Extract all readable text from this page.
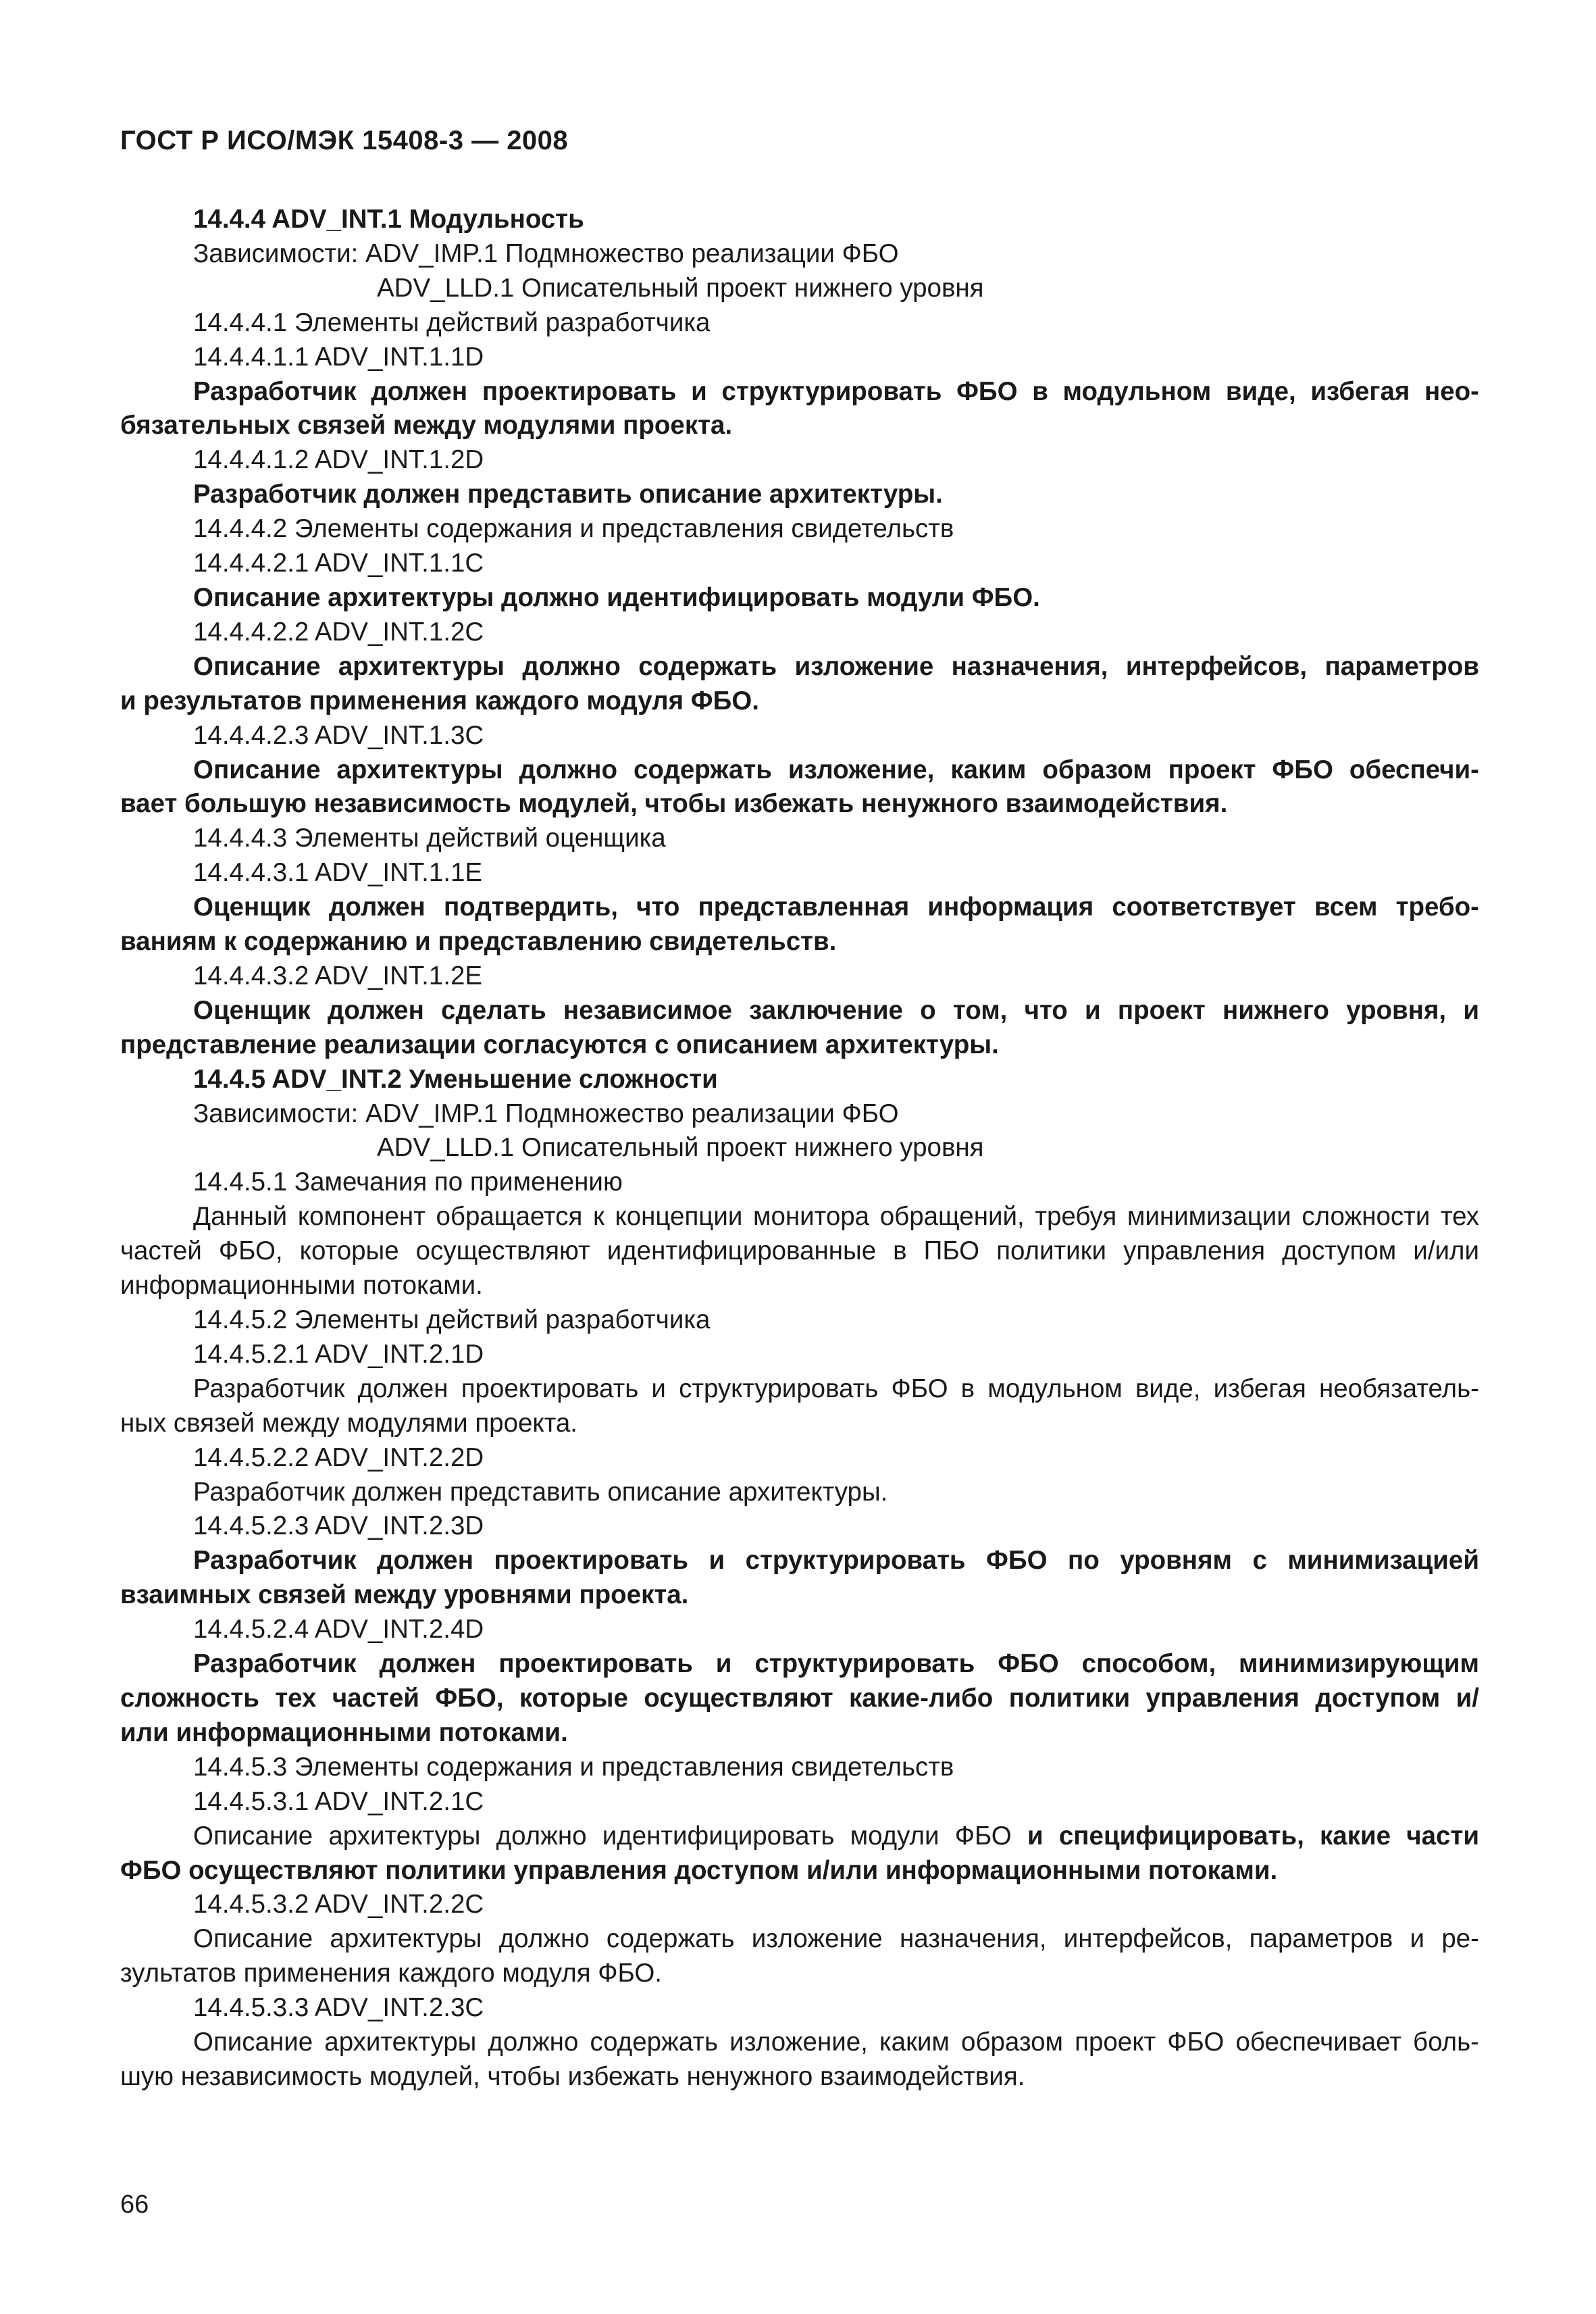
ГОСТ Р ИСО/МЭК 15408-3 — 2008

14.4.4 ADV_INT.1 Модульность

Зависимости: ADV_IMP.1 Подмножество реализации ФБО

ADV_LLD.1 Описательный проект нижнего уровня

14.4.4.1 Элементы действий разработчика

14.4.4.1.1 ADV_INT.1.1D

Разработчик должен проектировать и структурировать ФБО в модульном виде, избегая нео-

бязательных связей между модулями проекта.

14.4.4.1.2 ADV_INT.1.2D

Разработчик должен представить описание архитектуры.

14.4.4.2 Элементы содержания и представления свидетельств

14.4.4.2.1 ADV_INT.1.1C

Описание архитектуры должно идентифицировать модули ФБО.

14.4.4.2.2 ADV_INT.1.2C

Описание архитектуры должно содержать изложение назначения, интерфейсов, параметров

и результатов применения каждого модуля ФБО.

14.4.4.2.3 ADV_INT.1.3C

Описание архитектуры должно содержать изложение, каким образом проект ФБО обеспечи-

вает большую независимость модулей, чтобы избежать ненужного взаимодействия.

14.4.4.3 Элементы действий оценщика

14.4.4.3.1 ADV_INT.1.1E

Оценщик должен подтвердить, что представленная информация соответствует всем требо-

ваниям к содержанию и представлению свидетельств.

14.4.4.3.2 ADV_INT.1.2E

Оценщик должен сделать независимое заключение о том, что и проект нижнего уровня, и

представление реализации согласуются с описанием архитектуры.

14.4.5 ADV_INT.2 Уменьшение сложности

Зависимости: ADV_IMP.1 Подмножество реализации ФБО

ADV_LLD.1 Описательный проект нижнего уровня

14.4.5.1 Замечания по применению

Данный компонент обращается к концепции монитора обращений, требуя минимизации сложности тех

частей ФБО, которые осуществляют идентифицированные в ПБО политики управления доступом и/или

информационными потоками.

14.4.5.2 Элементы действий разработчика

14.4.5.2.1 ADV_INT.2.1D

Разработчик должен проектировать и структурировать ФБО в модульном виде, избегая необязатель-

ных связей между модулями проекта.

14.4.5.2.2 ADV_INT.2.2D

Разработчик должен представить описание архитектуры.

14.4.5.2.3 ADV_INT.2.3D

Разработчик должен проектировать и структурировать ФБО по уровням с минимизацией

взаимных связей между уровнями проекта.

14.4.5.2.4 ADV_INT.2.4D

Разработчик должен проектировать и структурировать ФБО способом, минимизирующим

сложность тех частей ФБО, которые осуществляют какие-либо политики управления доступом и/

или информационными потоками.

14.4.5.3 Элементы содержания и представления свидетельств

14.4.5.3.1 ADV_INT.2.1C

Описание архитектуры должно идентифицировать модули ФБО и специфицировать, какие части

ФБО осуществляют политики управления доступом и/или информационными потоками.

14.4.5.3.2 ADV_INT.2.2C

Описание архитектуры должно содержать изложение назначения, интерфейсов, параметров и ре-

зультатов применения каждого модуля ФБО.

14.4.5.3.3 ADV_INT.2.3C

Описание архитектуры должно содержать изложение, каким образом проект ФБО обеспечивает боль-

шую независимость модулей, чтобы избежать ненужного взаимодействия.

66
